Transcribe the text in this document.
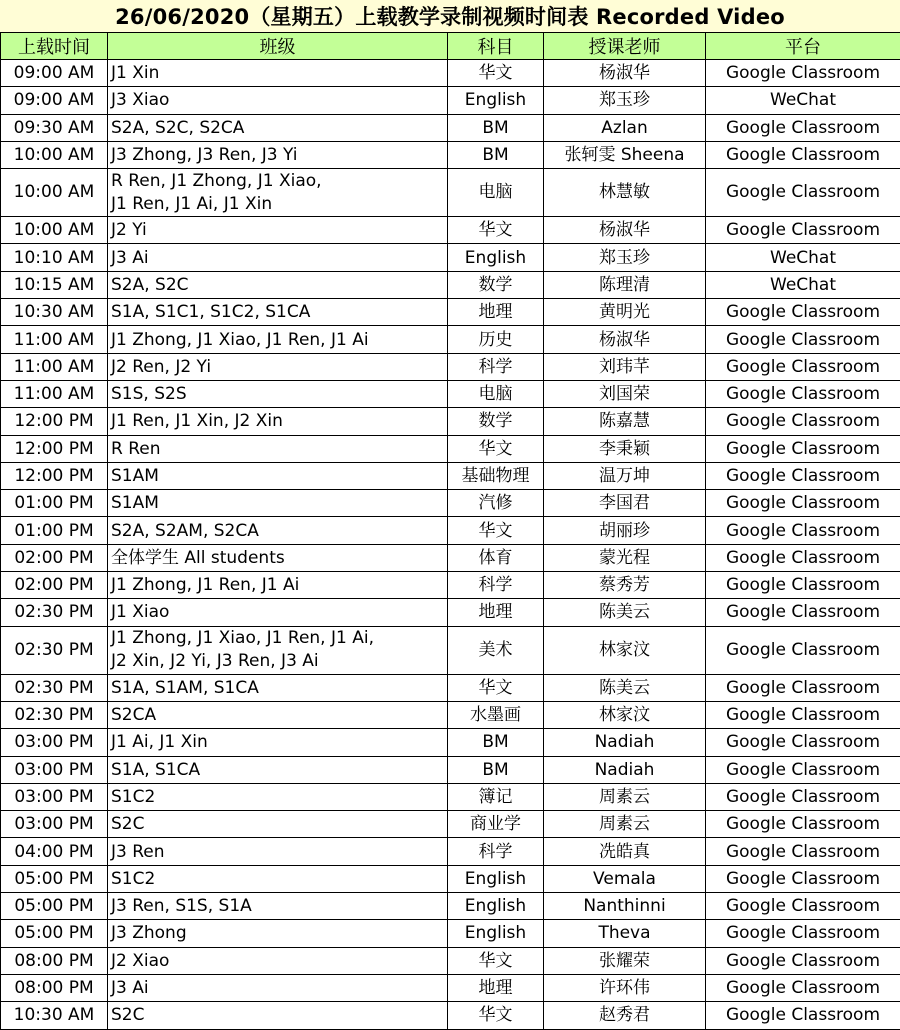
26/06/2020（星期五）上载教学录制视频时间表 Recorded Video
上载时间	班级	科目	授课老师	平台
09:00 AM	J1 Xin	华文	杨淑华	Google Classroom
09:00 AM	J3 Xiao	English	郑玉珍	WeChat
09:30 AM	S2A, S2C, S2CA	BM	Azlan	Google Classroom
10:00 AM	J3 Zhong, J3 Ren, J3 Yi	BM	张轲雯 Sheena	Google Classroom
10:00 AM	R Ren, J1 Zhong, J1 Xiao,
J1 Ren, J1 Ai, J1 Xin	电脑	林慧敏	Google Classroom
10:00 AM	J2 Yi	华文	杨淑华	Google Classroom
10:10 AM	J3 Ai	English	郑玉珍	WeChat
10:15 AM	S2A, S2C	数学	陈理清	WeChat
10:30 AM	S1A, S1C1, S1C2, S1CA	地理	黄明光	Google Classroom
11:00 AM	J1 Zhong, J1 Xiao, J1 Ren, J1 Ai	历史	杨淑华	Google Classroom
11:00 AM	J2 Ren, J2 Yi	科学	刘玮芊	Google Classroom
11:00 AM	S1S, S2S	电脑	刘国荣	Google Classroom
12:00 PM	J1 Ren, J1 Xin, J2 Xin	数学	陈嘉慧	Google Classroom
12:00 PM	R Ren	华文	李秉颖	Google Classroom
12:00 PM	S1AM	基础物理	温万坤	Google Classroom
01:00 PM	S1AM	汽修	李国君	Google Classroom
01:00 PM	S2A, S2AM, S2CA	华文	胡丽珍	Google Classroom
02:00 PM	全体学生 All students	体育	蒙光程	Google Classroom
02:00 PM	J1 Zhong, J1 Ren, J1 Ai	科学	蔡秀芳	Google Classroom
02:30 PM	J1 Xiao	地理	陈美云	Google Classroom
02:30 PM	J1 Zhong, J1 Xiao, J1 Ren, J1 Ai,
J2 Xin, J2 Yi, J3 Ren, J3 Ai	美术	林家汶	Google Classroom
02:30 PM	S1A, S1AM, S1CA	华文	陈美云	Google Classroom
02:30 PM	S2CA	水墨画	林家汶	Google Classroom
03:00 PM	J1 Ai, J1 Xin	BM	Nadiah	Google Classroom
03:00 PM	S1A, S1CA	BM	Nadiah	Google Classroom
03:00 PM	S1C2	簿记	周素云	Google Classroom
03:00 PM	S2C	商业学	周素云	Google Classroom
04:00 PM	J3 Ren	科学	冼皓真	Google Classroom
05:00 PM	S1C2	English	Vemala	Google Classroom
05:00 PM	J3 Ren, S1S, S1A	English	Nanthinni	Google Classroom
05:00 PM	J3 Zhong	English	Theva	Google Classroom
08:00 PM	J2 Xiao	华文	张耀荣	Google Classroom
08:00 PM	J3 Ai	地理	许环伟	Google Classroom
10:30 AM	S2C	华文	赵秀君	Google Classroom
